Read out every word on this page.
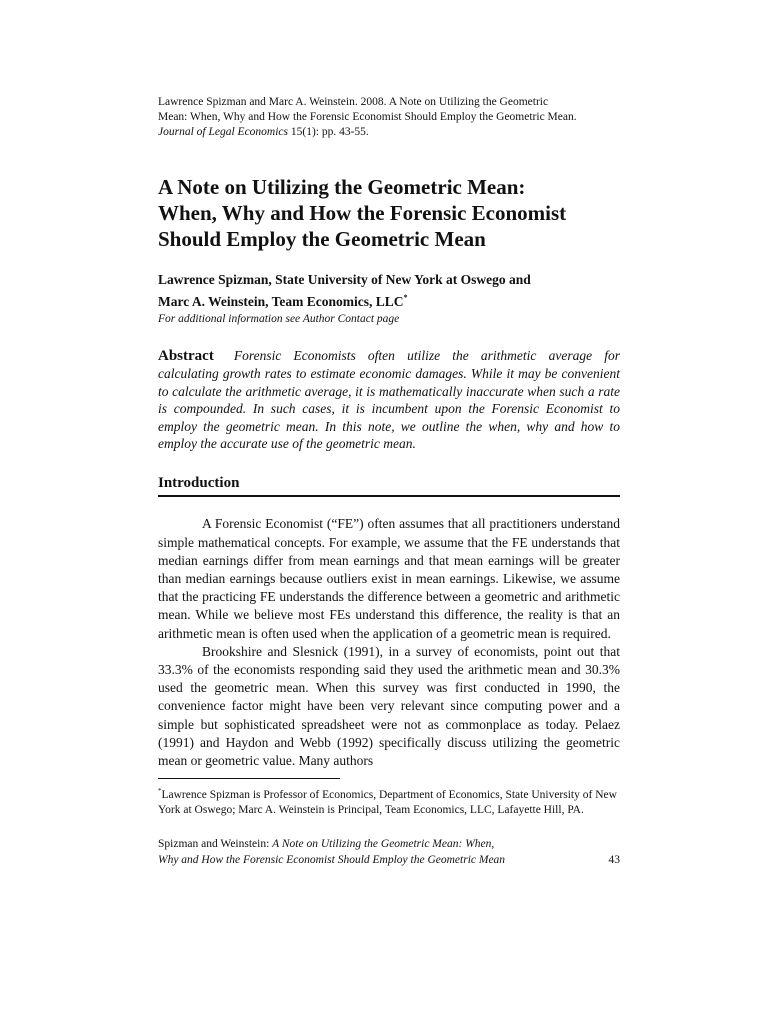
Lawrence Spizman and Marc A. Weinstein. 2008. A Note on Utilizing the Geometric
Mean: When, Why and How the Forensic Economist Should Employ the Geometric Mean.
Journal of Legal Economics 15(1): pp. 43-55.

A Note on Utilizing the Geometric Mean:
When, Why and How the Forensic Economist
Should Employ the Geometric Mean

Lawrence Spizman, State University of New York at Oswego and
Marc A. Weinstein, Team Economics, LLC*

For additional information see Author Contact page

Abstract Forensic Economists often utilize the arithmetic average for calculating growth rates to estimate economic damages. While it may be convenient to calculate the arithmetic average, it is mathematically inaccurate when such a rate is compounded. In such cases, it is incumbent upon the Forensic Economist to employ the geometric mean. In this note, we outline the when, why and how to employ the accurate use of the geometric mean.

Introduction

A Forensic Economist (“FE”) often assumes that all practitioners understand simple mathematical concepts. For example, we assume that the FE understands that median earnings differ from mean earnings and that mean earnings will be greater than median earnings because outliers exist in mean earnings. Likewise, we assume that the practicing FE understands the difference between a geometric and arithmetic mean. While we believe most FEs understand this difference, the reality is that an arithmetic mean is often used when the application of a geometric mean is required.

Brookshire and Slesnick (1991), in a survey of economists, point out that 33.3% of the economists responding said they used the arithmetic mean and 30.3% used the geometric mean. When this survey was first conducted in 1990, the convenience factor might have been very relevant since computing power and a simple but sophisticated spreadsheet were not as commonplace as today. Pelaez (1991) and Haydon and Webb (1992) specifically discuss utilizing the geometric mean or geometric value. Many authors

*Lawrence Spizman is Professor of Economics, Department of Economics, State University of New York at Oswego; Marc A. Weinstein is Principal, Team Economics, LLC, Lafayette Hill, PA.

Spizman and Weinstein: A Note on Utilizing the Geometric Mean: When,
Why and How the Forensic Economist Should Employ the Geometric Mean	43
